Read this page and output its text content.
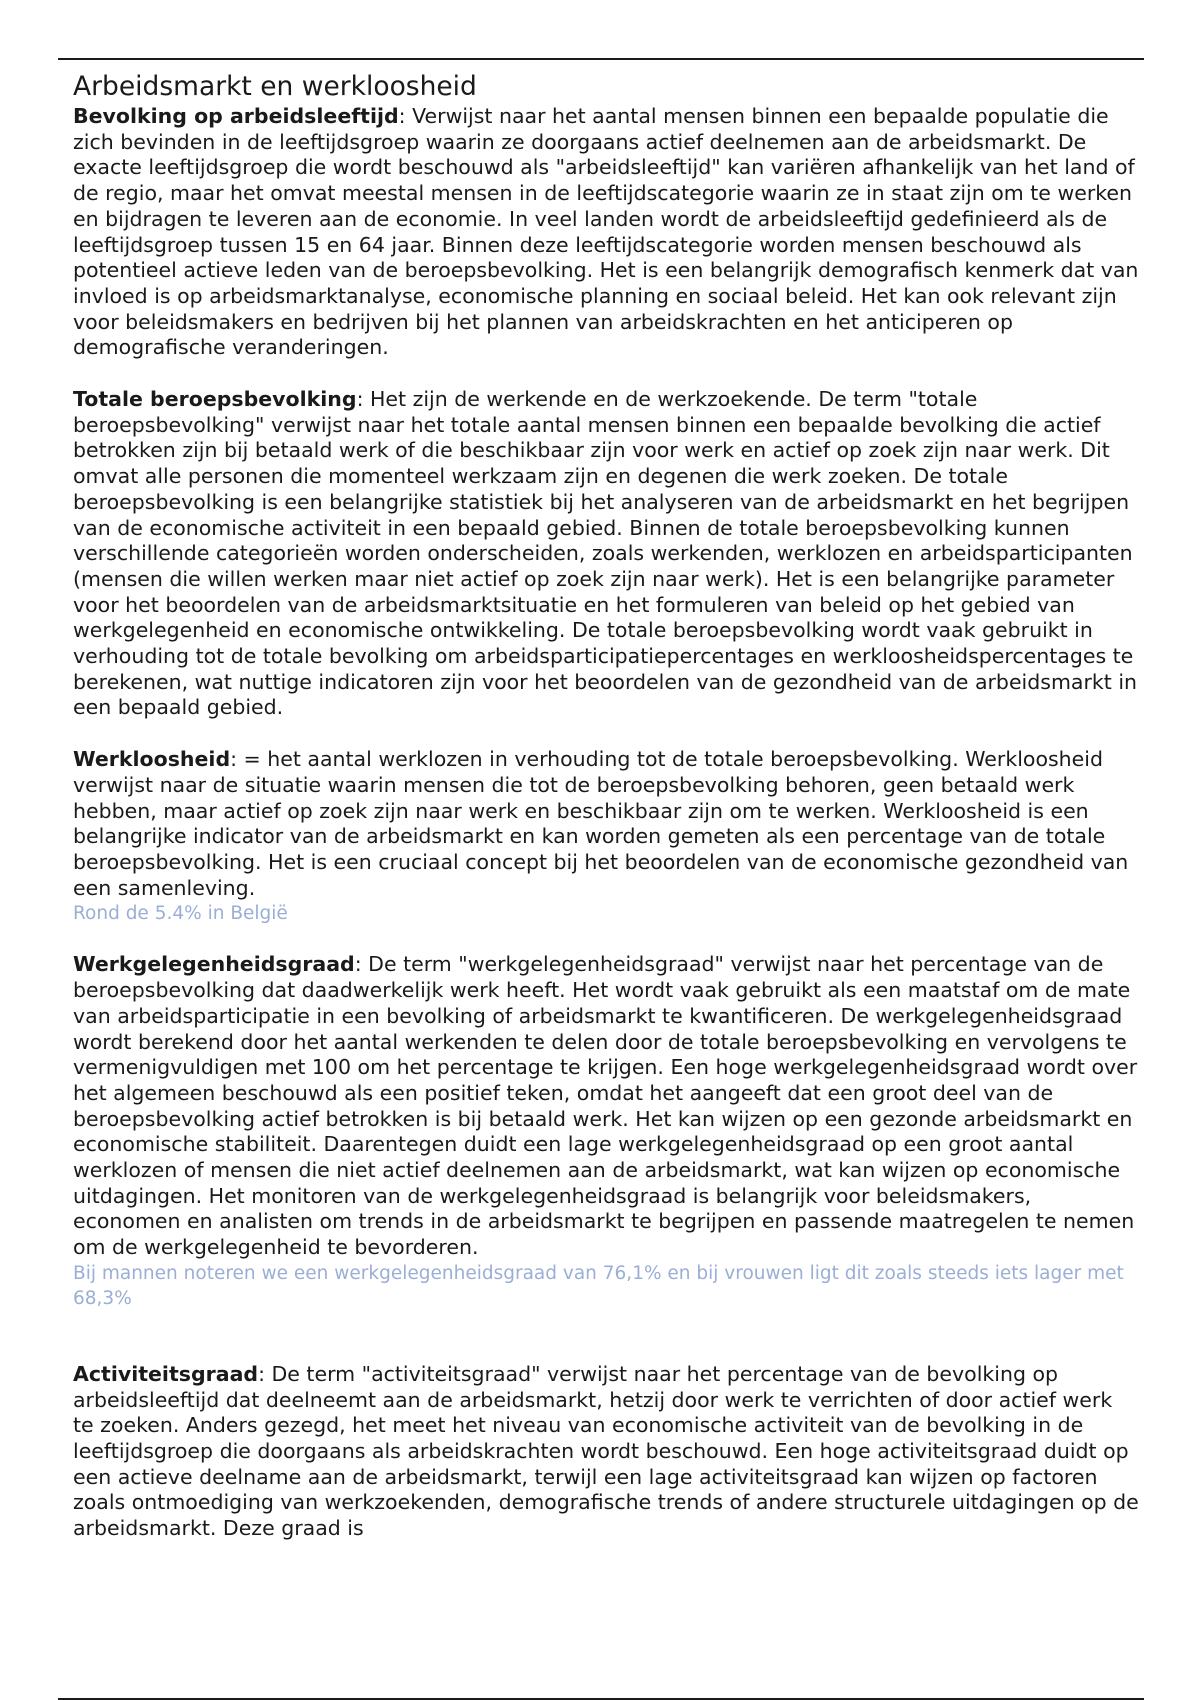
Arbeidsmarkt en werkloosheid

Bevolking op arbeidsleeftijd: Verwijst naar het aantal mensen binnen een bepaalde populatie die zich bevinden in de leeftijdsgroep waarin ze doorgaans actief deelnemen aan de arbeidsmarkt. De exacte leeftijdsgroep die wordt beschouwd als "arbeidsleeftijd" kan variëren afhankelijk van het land of de regio, maar het omvat meestal mensen in de leeftijdscategorie waarin ze in staat zijn om te werken en bijdragen te leveren aan de economie. In veel landen wordt de arbeidsleeftijd gedefinieerd als de leeftijdsgroep tussen 15 en 64 jaar. Binnen deze leeftijdscategorie worden mensen beschouwd als potentieel actieve leden van de beroepsbevolking. Het is een belangrijk demografisch kenmerk dat van invloed is op arbeidsmarktanalyse, economische planning en sociaal beleid. Het kan ook relevant zijn voor beleidsmakers en bedrijven bij het plannen van arbeidskrachten en het anticiperen op demografische veranderingen.

Totale beroepsbevolking: Het zijn de werkende en de werkzoekende. De term "totale beroepsbevolking" verwijst naar het totale aantal mensen binnen een bepaalde bevolking die actief betrokken zijn bij betaald werk of die beschikbaar zijn voor werk en actief op zoek zijn naar werk. Dit omvat alle personen die momenteel werkzaam zijn en degenen die werk zoeken. De totale beroepsbevolking is een belangrijke statistiek bij het analyseren van de arbeidsmarkt en het begrijpen van de economische activiteit in een bepaald gebied. Binnen de totale beroepsbevolking kunnen verschillende categorieën worden onderscheiden, zoals werkenden, werklozen en arbeidsparticipanten (mensen die willen werken maar niet actief op zoek zijn naar werk). Het is een belangrijke parameter voor het beoordelen van de arbeidsmarktsituatie en het formuleren van beleid op het gebied van werkgelegenheid en economische ontwikkeling. De totale beroepsbevolking wordt vaak gebruikt in verhouding tot de totale bevolking om arbeidsparticipatiepercentages en werkloosheidspercentages te berekenen, wat nuttige indicatoren zijn voor het beoordelen van de gezondheid van de arbeidsmarkt in een bepaald gebied.

Werkloosheid: = het aantal werklozen in verhouding tot de totale beroepsbevolking. Werkloosheid verwijst naar de situatie waarin mensen die tot de beroepsbevolking behoren, geen betaald werk hebben, maar actief op zoek zijn naar werk en beschikbaar zijn om te werken. Werkloosheid is een belangrijke indicator van de arbeidsmarkt en kan worden gemeten als een percentage van de totale beroepsbevolking. Het is een cruciaal concept bij het beoordelen van de economische gezondheid van een samenleving.

Rond de 5.4% in België

Werkgelegenheidsgraad: De term "werkgelegenheidsgraad" verwijst naar het percentage van de beroepsbevolking dat daadwerkelijk werk heeft. Het wordt vaak gebruikt als een maatstaf om de mate van arbeidsparticipatie in een bevolking of arbeidsmarkt te kwantificeren. De werkgelegenheidsgraad wordt berekend door het aantal werkenden te delen door de totale beroepsbevolking en vervolgens te vermenigvuldigen met 100 om het percentage te krijgen. Een hoge werkgelegenheidsgraad wordt over het algemeen beschouwd als een positief teken, omdat het aangeeft dat een groot deel van de beroepsbevolking actief betrokken is bij betaald werk. Het kan wijzen op een gezonde arbeidsmarkt en economische stabiliteit. Daarentegen duidt een lage werkgelegenheidsgraad op een groot aantal werklozen of mensen die niet actief deelnemen aan de arbeidsmarkt, wat kan wijzen op economische uitdagingen. Het monitoren van de werkgelegenheidsgraad is belangrijk voor beleidsmakers, economen en analisten om trends in de arbeidsmarkt te begrijpen en passende maatregelen te nemen om de werkgelegenheid te bevorderen.

Bij mannen noteren we een werkgelegenheidsgraad van 76,1% en bij vrouwen ligt dit zoals steeds iets lager met 68,3%

Activiteitsgraad: De term "activiteitsgraad" verwijst naar het percentage van de bevolking op arbeidsleeftijd dat deelneemt aan de arbeidsmarkt, hetzij door werk te verrichten of door actief werk te zoeken. Anders gezegd, het meet het niveau van economische activiteit van de bevolking in de leeftijdsgroep die doorgaans als arbeidskrachten wordt beschouwd. Een hoge activiteitsgraad duidt op een actieve deelname aan de arbeidsmarkt, terwijl een lage activiteitsgraad kan wijzen op factoren zoals ontmoediging van werkzoekenden, demografische trends of andere structurele uitdagingen op de arbeidsmarkt. Deze graad is
